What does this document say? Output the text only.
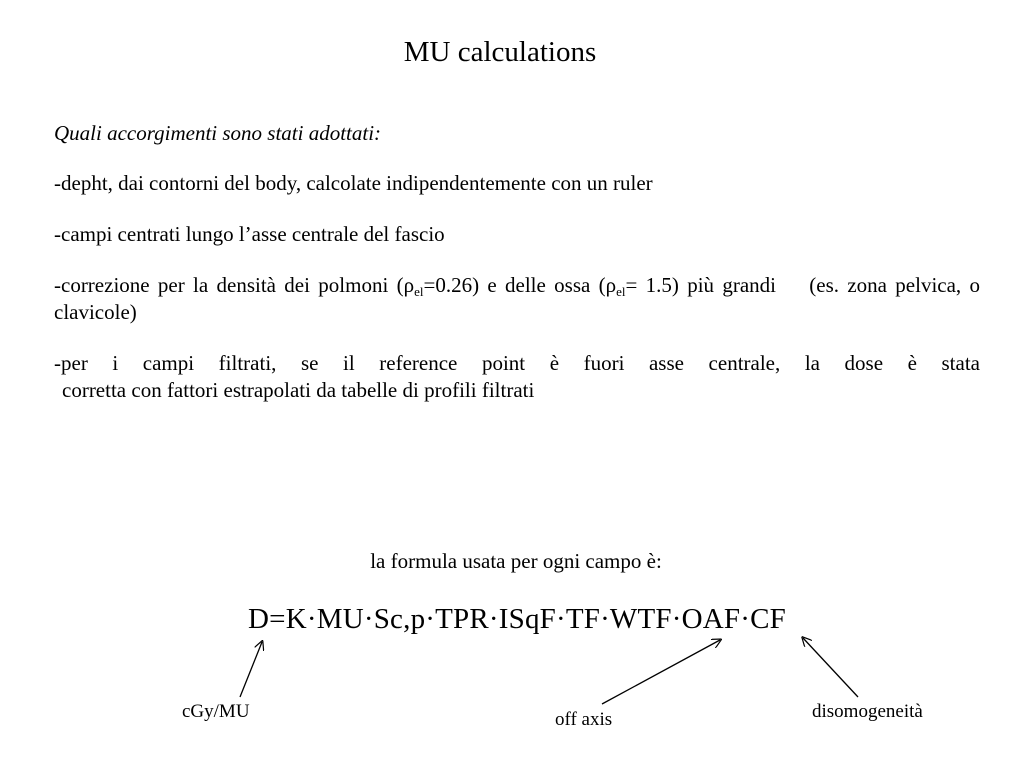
MU calculations

Quali accorgimenti sono stati adottati:

-depht, dai contorni del body, calcolate indipendentemente con un ruler

-campi centrati lungo l’asse centrale del fascio

-correzione per la densità dei polmoni $(\rho_{el}=0.26)$ e delle ossa $(\rho_{el}= 1.5)$ più grandi    (es. zona pelvica, o clavicole)

-per i campi filtrati, se il reference point è fuori asse centrale, la dose è stata
corretta con fattori estrapolati da tabelle di profili filtrati

la formula usata per ogni campo è:
D=K·MU·Sc,p·TPR·ISqF·TF·WTF·OAF·CF
cGy/MU	off axis	disomogeneità
